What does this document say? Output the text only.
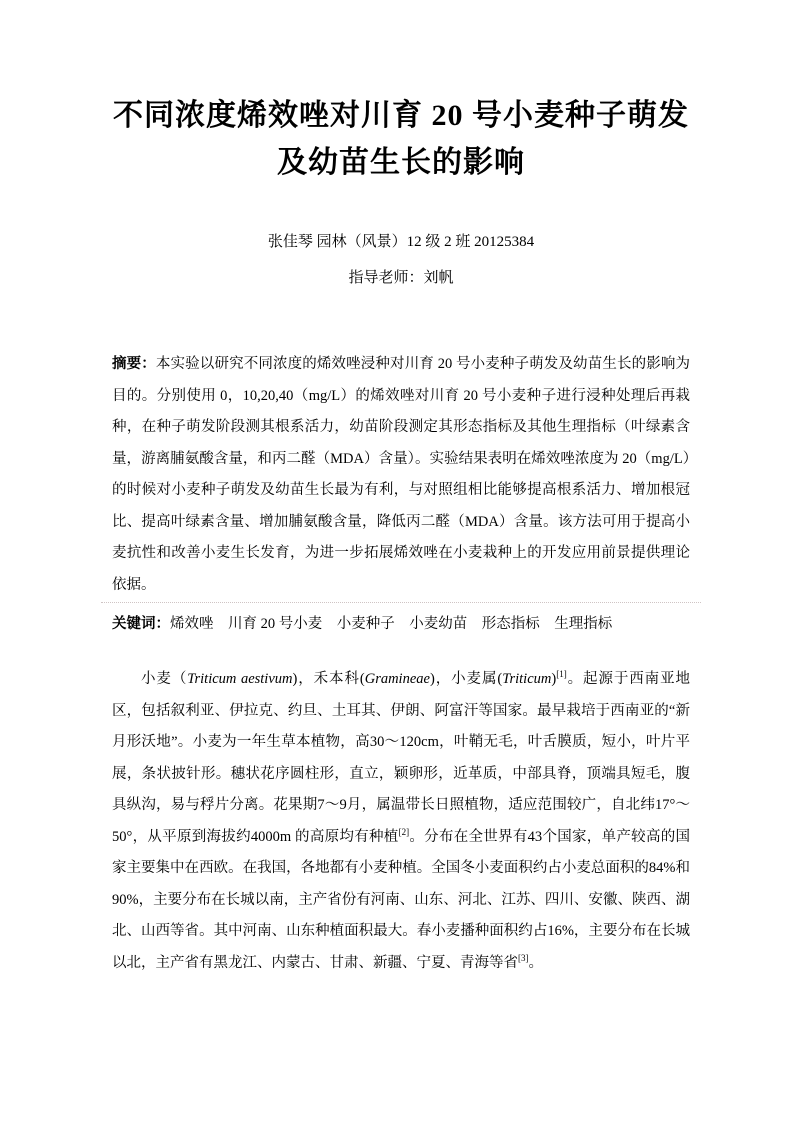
不同浓度烯效唑对川育 20 号小麦种子萌发
及幼苗生长的影响

张佳琴 园林（风景）12 级 2 班 20125384

指导老师：刘帆

摘要：本实验以研究不同浓度的烯效唑浸种对川育 20 号小麦种子萌发及幼苗生长的影响为目的。分别使用 0，10,20,40（mg/L）的烯效唑对川育 20 号小麦种子进行浸种处理后再栽种，在种子萌发阶段测其根系活力，幼苗阶段测定其形态指标及其他生理指标（叶绿素含量，游离脯氨酸含量，和丙二醛（MDA）含量）。实验结果表明在烯效唑浓度为 20（mg/L）的时候对小麦种子萌发及幼苗生长最为有利，与对照组相比能够提高根系活力、增加根冠比、提高叶绿素含量、增加脯氨酸含量，降低丙二醛（MDA）含量。该方法可用于提高小麦抗性和改善小麦生长发育，为进一步拓展烯效唑在小麦栽种上的开发应用前景提供理论依据。

关键词：烯效唑　川育 20 号小麦　小麦种子　小麦幼苗　形态指标　生理指标

小麦（Triticum aestivum)，禾本科(Gramineae)，小麦属(Triticum)[1]。起源于西南亚地区，包括叙利亚、伊拉克、约旦、土耳其、伊朗、阿富汗等国家。最早栽培于西南亚的“新月形沃地”。小麦为一年生草本植物，高30～120cm，叶鞘无毛，叶舌膜质，短小，叶片平展，条状披针形。穗状花序圆柱形，直立，颖卵形，近革质，中部具脊，顶端具短毛，腹具纵沟，易与稃片分离。花果期7～9月，属温带长日照植物，适应范围较广，自北纬17°～50°，从平原到海拔约4000m 的高原均有种植[2]。分布在全世界有43个国家，单产较高的国家主要集中在西欧。在我国，各地都有小麦种植。全国冬小麦面积约占小麦总面积的84%和90%，主要分布在长城以南，主产省份有河南、山东、河北、江苏、四川、安徽、陕西、湖北、山西等省。其中河南、山东种植面积最大。春小麦播种面积约占16%，主要分布在长城以北，主产省有黑龙江、内蒙古、甘肃、新疆、宁夏、青海等省[3]。
